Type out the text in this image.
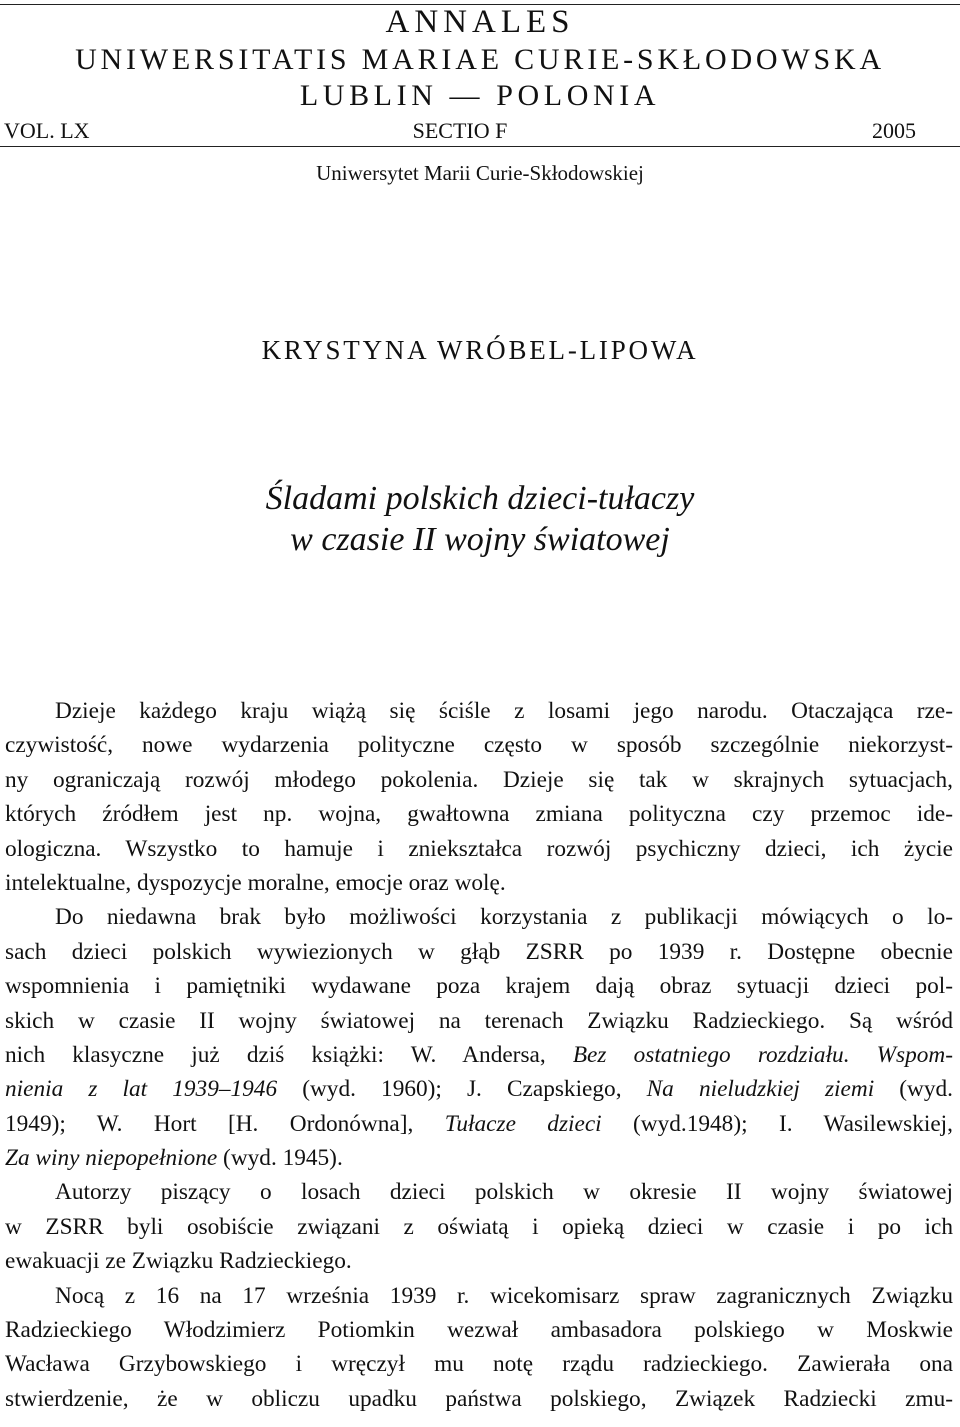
ANNALES
UNIWERSITATIS MARIAE CURIE-SKŁODOWSKA
LUBLIN — POLONIA
SECTIO F
VOL. LX	2005
Uniwersytet Marii Curie-Skłodowskiej
KRYSTYNA WRÓBEL-LIPOWA
Śladami polskich dzieci-tułaczy
w czasie II wojny światowej
Dzieje każdego kraju wiążą się ściśle z losami jego narodu. Otaczająca rze-
czywistość, nowe wydarzenia polityczne często w sposób szczególnie niekorzyst-
ny ograniczają rozwój młodego pokolenia. Dzieje się tak w skrajnych sytuacjach,
których źródłem jest np. wojna, gwałtowna zmiana polityczna czy przemoc ide-
ologiczna. Wszystko to hamuje i zniekształca rozwój psychiczny dzieci, ich życie
intelektualne, dyspozycje moralne, emocje oraz wolę.
Do niedawna brak było możliwości korzystania z publikacji mówiących o lo-
sach dzieci polskich wywiezionych w głąb ZSRR po 1939 r. Dostępne obecnie
wspomnienia i pamiętniki wydawane poza krajem dają obraz sytuacji dzieci pol-
skich w czasie II wojny światowej na terenach Związku Radzieckiego. Są wśród
nich klasyczne już dziś książki: W. Andersa, Bez ostatniego rozdziału. Wspom-
nienia z lat 1939–1946 (wyd. 1960); J. Czapskiego, Na nieludzkiej ziemi (wyd.
1949); W. Hort [H. Ordonówna], Tułacze dzieci (wyd.1948); I. Wasilewskiej,
Za winy niepopełnione (wyd. 1945).
Autorzy piszący o losach dzieci polskich w okresie II wojny światowej
w ZSRR byli osobiście związani z oświatą i opieką dzieci w czasie i po ich
ewakuacji ze Związku Radzieckiego.
Nocą z 16 na 17 września 1939 r. wicekomisarz spraw zagranicznych Związku
Radzieckiego Włodzimierz Potiomkin wezwał ambasadora polskiego w Moskwie
Wacława Grzybowskiego i wręczył mu notę rządu radzieckiego. Zawierała ona
stwierdzenie, że w obliczu upadku państwa polskiego, Związek Radziecki zmu-
